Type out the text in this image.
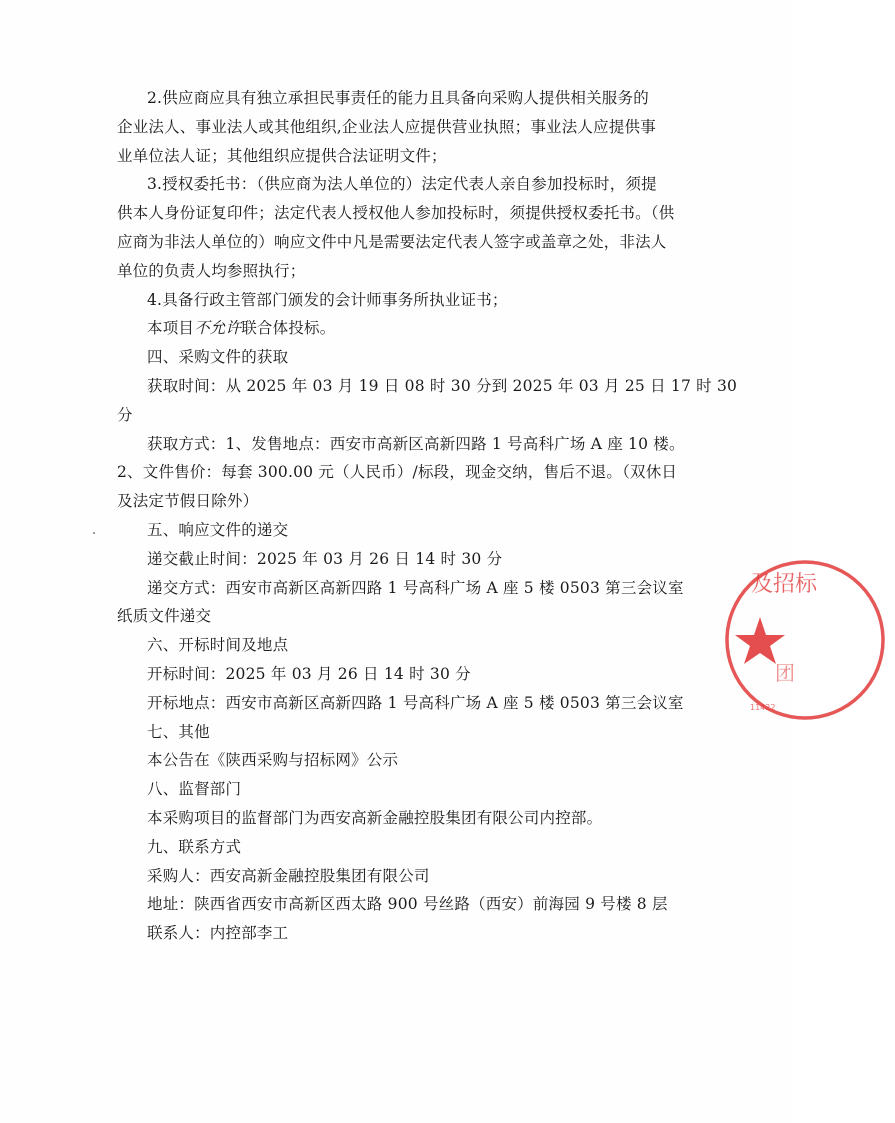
2.供应商应具有独立承担民事责任的能力且具备向采购人提供相关服务的
企业法人、事业法人或其他组织,企业法人应提供营业执照；事业法人应提供事
业单位法人证；其他组织应提供合法证明文件；
3.授权委托书：（供应商为法人单位的）法定代表人亲自参加投标时，须提
供本人身份证复印件；法定代表人授权他人参加投标时，须提供授权委托书。（供
应商为非法人单位的）响应文件中凡是需要法定代表人签字或盖章之处，非法人
单位的负责人均参照执行；
4.具备行政主管部门颁发的会计师事务所执业证书；
本项目不允许联合体投标。
四、采购文件的获取
获取时间：从 2025 年 03 月 19 日 08 时 30 分到 2025 年 03 月 25 日 17 时 30
分
获取方式：1、发售地点：西安市高新区高新四路 1 号高科广场 A 座 10 楼。
2、文件售价：每套 300.00 元（人民币）/标段，现金交纳，售后不退。（双休日
及法定节假日除外）
五、响应文件的递交
递交截止时间：2025 年 03 月 26 日 14 时 30 分
递交方式：西安市高新区高新四路 1 号高科广场 A 座 5 楼 0503 第三会议室
纸质文件递交
六、开标时间及地点
开标时间：2025 年 03 月 26 日 14 时 30 分
开标地点：西安市高新区高新四路 1 号高科广场 A 座 5 楼 0503 第三会议室
七、其他
本公告在《陕西采购与招标网》公示
八、监督部门
本采购项目的监督部门为西安高新金融控股集团有限公司内控部。
九、联系方式
采购人：西安高新金融控股集团有限公司
地址：陕西省西安市高新区西太路 900 号丝路（西安）前海园 9 号楼 8 层
联系人：内控部李工
及招标
11422
团
